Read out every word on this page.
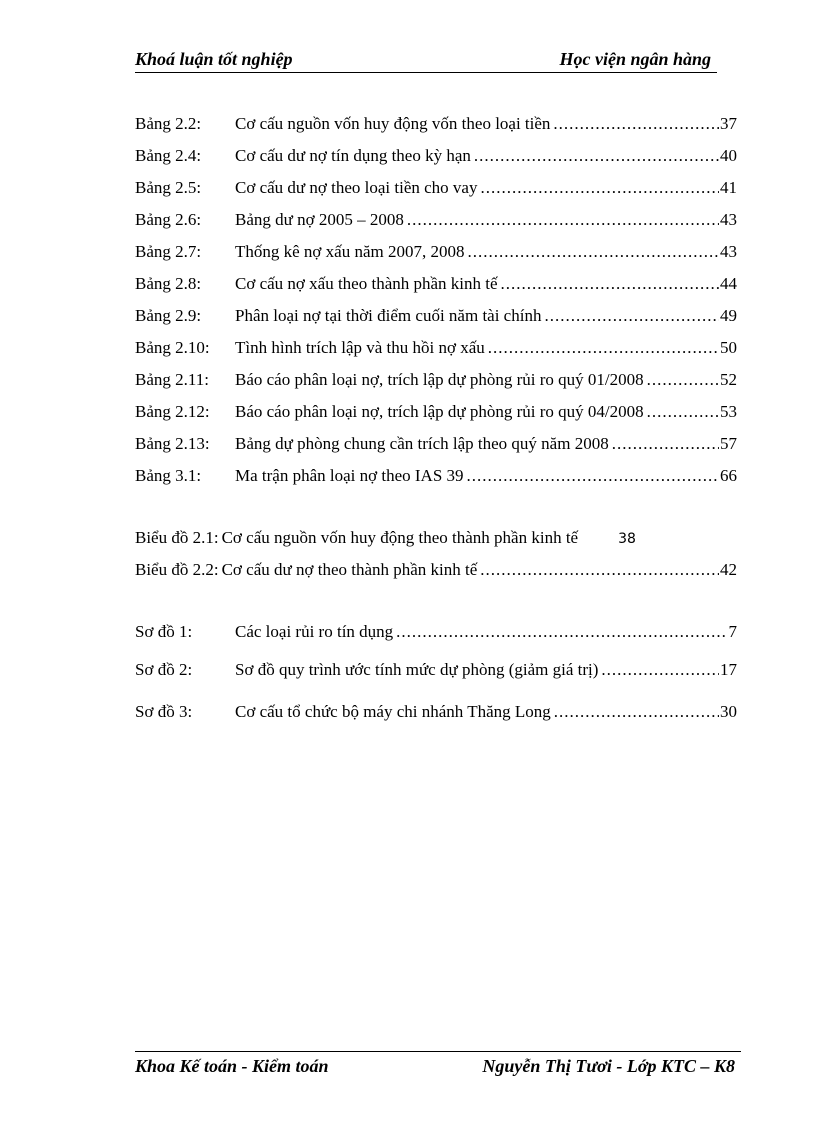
Khoá luận tốt nghiệp	Học viện ngân hàng
Bảng 2.2:	Cơ cấu nguồn vốn huy động vốn theo loại tiền .....	37
Bảng 2.4:	Cơ cấu dư nợ tín dụng theo kỳ hạn .....	40
Bảng 2.5:	Cơ cấu dư nợ theo loại tiền cho vay .....	41
Bảng 2.6:	Bảng dư nợ 2005 – 2008 .....	43
Bảng 2.7:	Thống kê nợ xấu năm 2007, 2008 .....	43
Bảng 2.8:	Cơ cấu nợ xấu theo thành phần kinh tế .....	44
Bảng 2.9:	Phân loại nợ tại thời điểm cuối năm tài chính .....	49
Bảng 2.10:	Tình hình trích lập và thu hồi nợ xấu .....	50
Bảng 2.11:	Báo cáo phân loại nợ, trích lập dự phòng rủi ro quý 01/2008 .....	52
Bảng 2.12:	Báo cáo phân loại nợ, trích lập dự phòng rủi ro quý 04/2008 .....	53
Bảng 2.13:	Bảng dự phòng chung cần trích lập theo quý năm 2008 .....	57
Bảng 3.1:	Ma trận phân loại nợ theo IAS 39 .....	66
Biểu đồ 2.1: Cơ cấu nguồn vốn huy động theo thành phần kinh tế	38
Biểu đồ 2.2: Cơ cấu dư nợ theo thành phần kinh tế .....	42
Sơ đồ 1:	Các loại rủi ro tín dụng .....	7
Sơ đồ 2:	Sơ đồ quy trình ước tính mức dự phòng (giảm giá trị) .....	17
Sơ đồ 3:	Cơ cấu tổ chức bộ máy chi nhánh Thăng Long .....	30
Khoa Kế toán - Kiểm toán	Nguyễn Thị Tươi - Lớp KTC – K8
